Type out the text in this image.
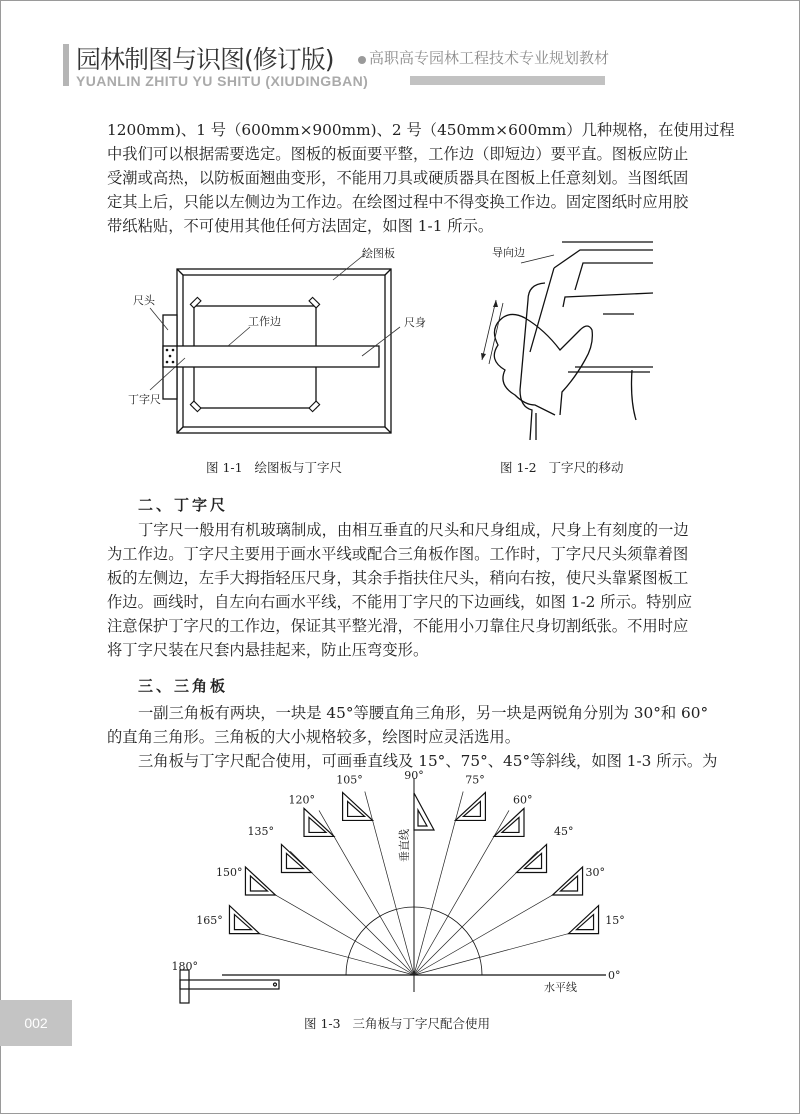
园林制图与识图(修订版) 高职高专园林工程技术专业规划教材
YUANLIN ZHITU YU SHITU (XIUDINGBAN)
1200mm)、1 号（600mm×900mm)、2 号（450mm×600mm）几种规格，在使用过程
中我们可以根据需要选定。图板的板面要平整，工作边（即短边）要平直。图板应防止
受潮或高热，以防板面翘曲变形，不能用刀具或硬质器具在图板上任意刻划。当图纸固
定其上后，只能以左侧边为工作边。在绘图过程中不得变换工作边。固定图纸时应用胶
带纸粘贴，不可使用其他任何方法固定，如图 1-1 所示。
绘图板
尺头
工作边	尺身
丁字尺
图 1-1   绘图板与丁字尺
导向边
图 1-2   丁字尺的移动
二、丁字尺
丁字尺一般用有机玻璃制成，由相互垂直的尺头和尺身组成，尺身上有刻度的一边
为工作边。丁字尺主要用于画水平线或配合三角板作图。工作时，丁字尺尺头须靠着图
板的左侧边，左手大拇指轻压尺身，其余手指扶住尺头，稍向右按，使尺头靠紧图板工
作边。画线时，自左向右画水平线，不能用丁字尺的下边画线，如图 1-2 所示。特别应
注意保护丁字尺的工作边，保证其平整光滑，不能用小刀靠住尺身切割纸张。不用时应
将丁字尺装在尺套内悬挂起来，防止压弯变形。
三、三角板
一副三角板有两块，一块是 45°等腰直角三角形，另一块是两锐角分别为 30°和 60°
的直角三角形。三角板的大小规格较多，绘图时应灵活选用。
三角板与丁字尺配合使用，可画垂直线及 15°、75°、45°等斜线，如图 1-3 所示。为
0°
15°
30°
45°
60°
75°
90°
105°
120°
135°
150°
165°
180°
垂直线
水平线
图 1-3   三角板与丁字尺配合使用
002
